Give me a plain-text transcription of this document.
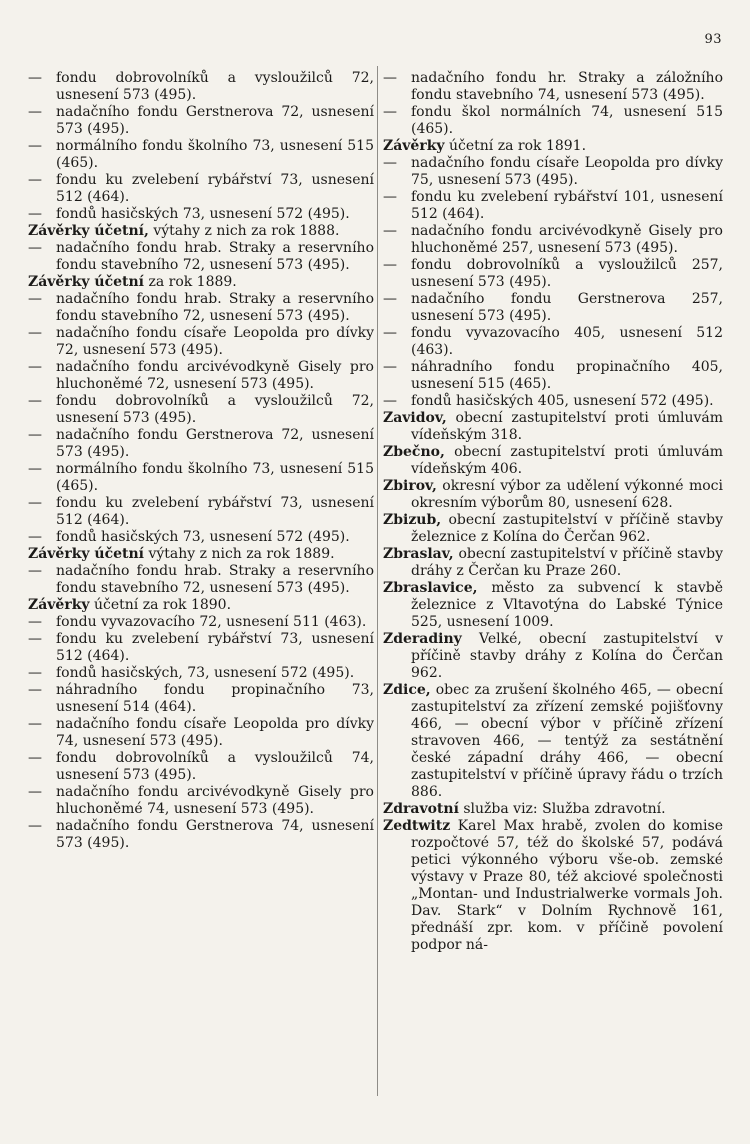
93

— fondu dobrovolníků a vysloužilců 72, usnesení 573 (495).

— nadačního fondu Gerstnerova 72, usnesení 573 (495).

— normálního fondu školního 73, usnesení 515 (465).

— fondu ku zvelebení rybářství 73, usnesení 512 (464).

— fondů hasičských 73, usnesení 572 (495).

Závěrky účetní, výtahy z nich za rok 1888.

— nadačního fondu hrab. Straky a reservního fondu stavebního 72, usnesení 573 (495).

Závěrky účetní za rok 1889.

— nadačního fondu hrab. Straky a reservního fondu stavebního 72, usnesení 573 (495).

— nadačního fondu císaře Leopolda pro dívky 72, usnesení 573 (495).

— nadačního fondu arcivévodkyně Gisely pro hluchoněmé 72, usnesení 573 (495).

— fondu dobrovolníků a vysloužilců 72, usnesení 573 (495).

— nadačního fondu Gerstnerova 72, usnesení 573 (495).

— normálního fondu školního 73, usnesení 515 (465).

— fondu ku zvelebení rybářství 73, usnesení 512 (464).

— fondů hasičských 73, usnesení 572 (495).

Závěrky účetní výtahy z nich za rok 1889.

— nadačního fondu hrab. Straky a reservního fondu stavebního 72, usnesení 573 (495).

Závěrky účetní za rok 1890.

— fondu vyvazovacího 72, usnesení 511 (463).

— fondu ku zvelebení rybářství 73, usnesení 512 (464).

— fondů hasičských, 73, usnesení 572 (495).

— náhradního fondu propinačního 73, usnesení 514 (464).

— nadačního fondu císaře Leopolda pro dívky 74, usnesení 573 (495).

— fondu dobrovolníků a vysloužilců 74, usnesení 573 (495).

— nadačního fondu arcivévodkyně Gisely pro hluchoněmé 74, usnesení 573 (495).

— nadačního fondu Gerstnerova 74, usnesení 573 (495).

— nadačního fondu hr. Straky a záložního fondu stavebního 74, usnesení 573 (495).

— fondu škol normálních 74, usnesení 515 (465).

Závěrky účetní za rok 1891.

— nadačního fondu císaře Leopolda pro dívky 75, usnesení 573 (495).

— fondu ku zvelebení rybářství 101, usnesení 512 (464).

— nadačního fondu arcivévodkyně Gisely pro hluchoněmé 257, usnesení 573 (495).

— fondu dobrovolníků a vysloužilců 257, usnesení 573 (495).

— nadačního fondu Gerstnerova 257, usnesení 573 (495).

— fondu vyvazovacího 405, usnesení 512 (463).

— náhradního fondu propinačního 405, usnesení 515 (465).

— fondů hasičských 405, usnesení 572 (495).

Zavidov, obecní zastupitelství proti úmluvám vídeňským 318.

Zbečno, obecní zastupitelství proti úmluvám vídeňským 406.

Zbirov, okresní výbor za udělení výkonné moci okresním výborům 80, usnesení 628.

Zbizub, obecní zastupitelství v příčině stavby železnice z Kolína do Čerčan 962.

Zbraslav, obecní zastupitelství v příčině stavby dráhy z Čerčan ku Praze 260.

Zbraslavice, město za subvencí k stavbě železnice z Vltavotýna do Labské Týnice 525, usnesení 1009.

Zderadiny Velké, obecní zastupitelství v příčině stavby dráhy z Kolína do Čerčan 962.

Zdice, obec za zrušení školného 465, — obecní zastupitelství za zřízení zemské pojišťovny 466, — obecní výbor v příčině zřízení stravoven 466, — tentýž za sestátnění české západní dráhy 466, — obecní zastupitelství v příčině úpravy řádu o trzích 886.

Zdravotní služba viz: Služba zdravotní.

Zedtwitz Karel Max hrabě, zvolen do komise rozpočtové 57, též do školské 57, podává petici výkonného výboru vše-ob. zemské výstavy v Praze 80, též akciové společnosti „Montan- und Industrialwerke vormals Joh. Dav. Stark“ v Dolním Rychnově 161, přednáší zpr. kom. v příčině povolení podpor ná-
